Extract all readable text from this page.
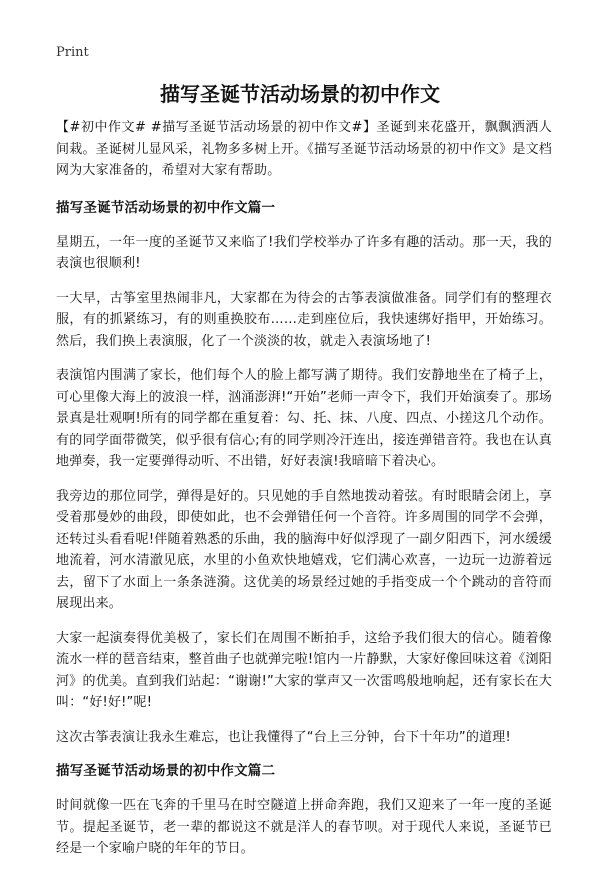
Print
描写圣诞节活动场景的初中作文

【#初中作文# #描写圣诞节活动场景的初中作文#】圣诞到来花盛开，飘飘洒洒人间栽。圣诞树儿显风采，礼物多多树上开。《描写圣诞节活动场景的初中作文》是文档网为大家准备的，希望对大家有帮助。

描写圣诞节活动场景的初中作文篇一

星期五，一年一度的圣诞节又来临了!我们学校举办了许多有趣的活动。那一天，我的表演也很顺利!

一大早，古筝室里热闹非凡，大家都在为待会的古筝表演做准备。同学们有的整理衣服，有的抓紧练习，有的则重换胶布……走到座位后，我快速绑好指甲，开始练习。然后，我们换上表演服，化了一个淡淡的妆，就走入表演场地了!

表演馆内围满了家长，他们每个人的脸上都写满了期待。我们安静地坐在了椅子上，可心里像大海上的波浪一样，汹涌澎湃!“开始”老师一声令下，我们开始演奏了。那场景真是壮观啊!所有的同学都在重复着：勾、托、抹、八度、四点、小搓这几个动作。有的同学面带微笑，似乎很有信心;有的同学则冷汗连出，接连弹错音符。我也在认真地弹奏，我一定要弹得动听、不出错，好好表演!我暗暗下着决心。

我旁边的那位同学，弹得是好的。只见她的手自然地拨动着弦。有时眼睛会闭上，享受着那曼妙的曲段，即使如此，也不会弹错任何一个音符。许多周围的同学不会弹，还转过头看看呢!伴随着熟悉的乐曲，我的脑海中好似浮现了一副夕阳西下，河水缓缓地流着，河水清澈见底，水里的小鱼欢快地嬉戏，它们满心欢喜，一边玩一边游着远去，留下了水面上一条条涟漪。这优美的场景经过她的手指变成一个个跳动的音符而展现出来。

大家一起演奏得优美极了，家长们在周围不断拍手，这给予我们很大的信心。随着像流水一样的琶音结束，整首曲子也就弹完啦!馆内一片静默，大家好像回味这着《浏阳河》的优美。直到我们站起：“谢谢!”大家的掌声又一次雷鸣般地响起，还有家长在大叫：“好!好!”呢!

这次古筝表演让我永生难忘，也让我懂得了“台上三分钟，台下十年功”的道理!

描写圣诞节活动场景的初中作文篇二

时间就像一匹在飞奔的千里马在时空隧道上拼命奔跑，我们又迎来了一年一度的圣诞节。提起圣诞节，老一辈的都说这不就是洋人的春节呗。对于现代人来说，圣诞节已经是一个家喻户晓的年年的节日。
